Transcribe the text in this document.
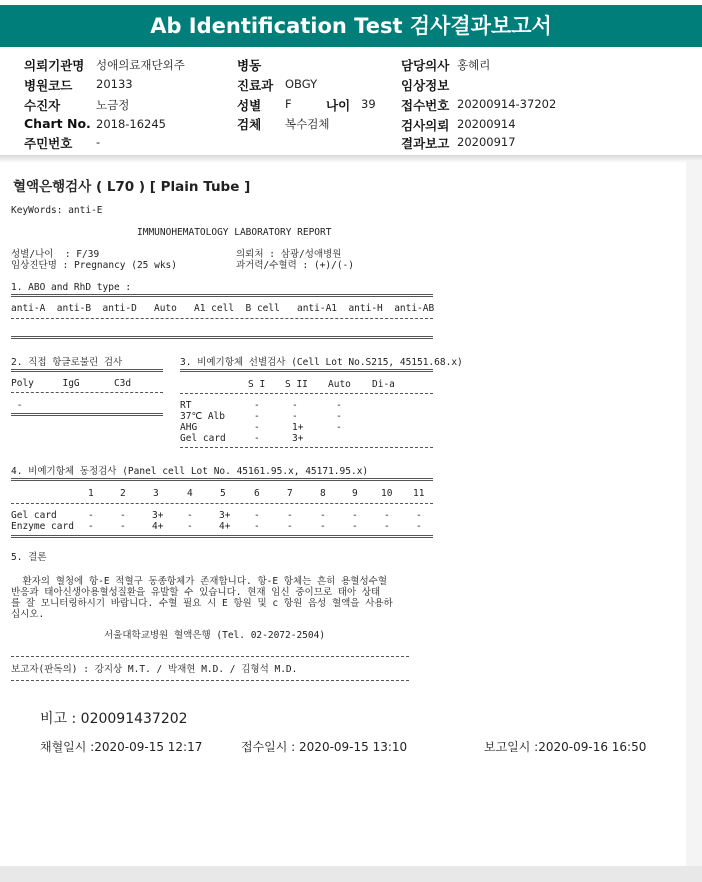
Ab Identification Test 검사결과보고서
의뢰기관명 성애의료재단외주
병원코드 20133
수진자	노금정
Chart No. 2018-16245
주민번호 -
병동
진료과 OBGY
성별 F	나이 39
검체 복수검체
담당의사 홍혜리
임상정보
접수번호 20200914-37202
검사의뢰 20200914
결과보고 20200917
혈액은행검사 ( L70 ) [ Plain Tube ]
KeyWords: anti-E
IMMUNOHEMATOLOGY LABORATORY REPORT
성별/나이  : F/39
임상진단명 : Pregnancy (25 wks)
의뢰처 : 삼광/성애병원
과거력/수혈력 : (+)/(-)
1. ABO and RhD type :
anti-A  anti-B  anti-D   Auto   A1 cell  B cell   anti-A1  anti-H  anti-AB
2. 직접 항글로불린 검사
Poly     IgG      C3d
-
3. 비예기항체 선별검사 (Cell Lot No.S215, 45151.68.x)
S I S II Auto Di-a
RT	-	-	-
37℃ Alb	-	-	-
AHG	-	1+	-
Gel card	-	3+
4. 비예기항체 동정검사 (Panel cell Lot No. 45161.95.x, 45171.95.x)
1	2	3	4	5	6	7	8	9 10 11
Gel card	-	-	3+ -	3+ -	-	-	-	-	-
Enzyme card -	-	4+ -	4+ -	-	-	-	-	-
5. 결론
환자의 혈청에 항-E 적혈구 동종항체가 존재합니다. 항-E 항체는 흔히 용혈성수혈
반응과 태아신생아용혈성질환을 유발할 수 있습니다. 현재 임신 중이므로 태아 상태
를 잘 모니터링하시기 바랍니다. 수혈 필요 시 E 항원 및 c 항원 음성 혈액을 사용하
십시오.
서울대학교병원 혈액은행 (Tel. 02-2072-2504)
보고자(판독의) : 강지상 M.T. / 박재현 M.D. / 김형석 M.D.
비고 : 020091437202
채혈일시 :2020-09-15 12:17	접수일시 : 2020-09-15 13:10	보고일시 :2020-09-16 16:50
